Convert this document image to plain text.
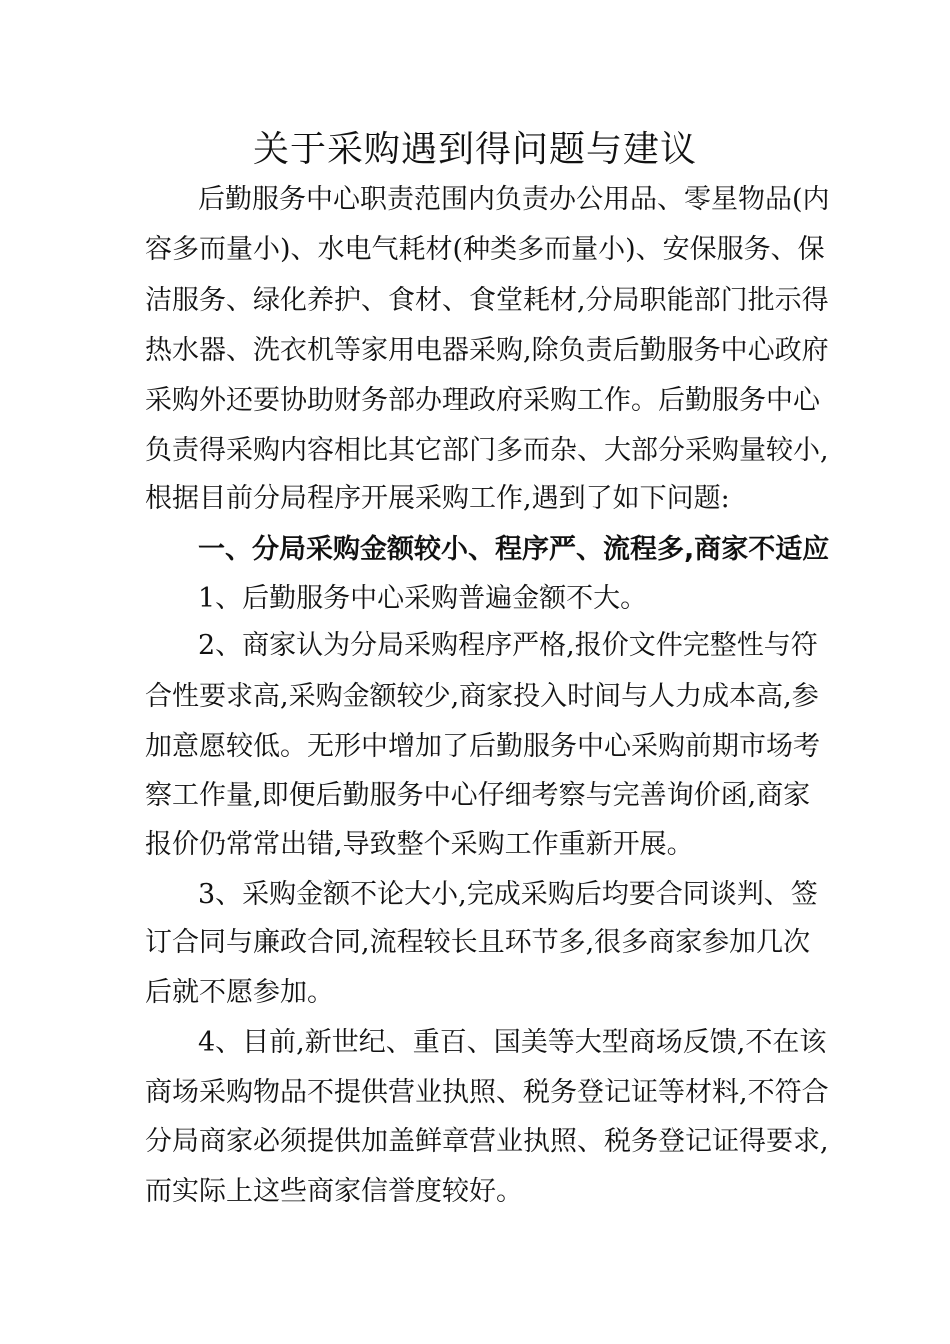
关于采购遇到得问题与建议
后勤服务中心职责范围内负责办公用品、零星物品(内
容多而量小)、水电气耗材(种类多而量小)、安保服务、保
洁服务、绿化养护、食材、食堂耗材,分局职能部门批示得
热水器、洗衣机等家用电器采购,除负责后勤服务中心政府
采购外还要协助财务部办理政府采购工作。后勤服务中心
负责得采购内容相比其它部门多而杂、大部分采购量较小,
根据目前分局程序开展采购工作,遇到了如下问题:
一、分局采购金额较小、程序严、流程多,商家不适应
1、后勤服务中心采购普遍金额不大。
2、商家认为分局采购程序严格,报价文件完整性与符
合性要求高,采购金额较少,商家投入时间与人力成本高,参
加意愿较低。无形中增加了后勤服务中心采购前期市场考
察工作量,即便后勤服务中心仔细考察与完善询价函,商家
报价仍常常出错,导致整个采购工作重新开展。
3、采购金额不论大小,完成采购后均要合同谈判、签
订合同与廉政合同,流程较长且环节多,很多商家参加几次
后就不愿参加。
4、目前,新世纪、重百、国美等大型商场反馈,不在该
商场采购物品不提供营业执照、税务登记证等材料,不符合
分局商家必须提供加盖鲜章营业执照、税务登记证得要求,
而实际上这些商家信誉度较好。
